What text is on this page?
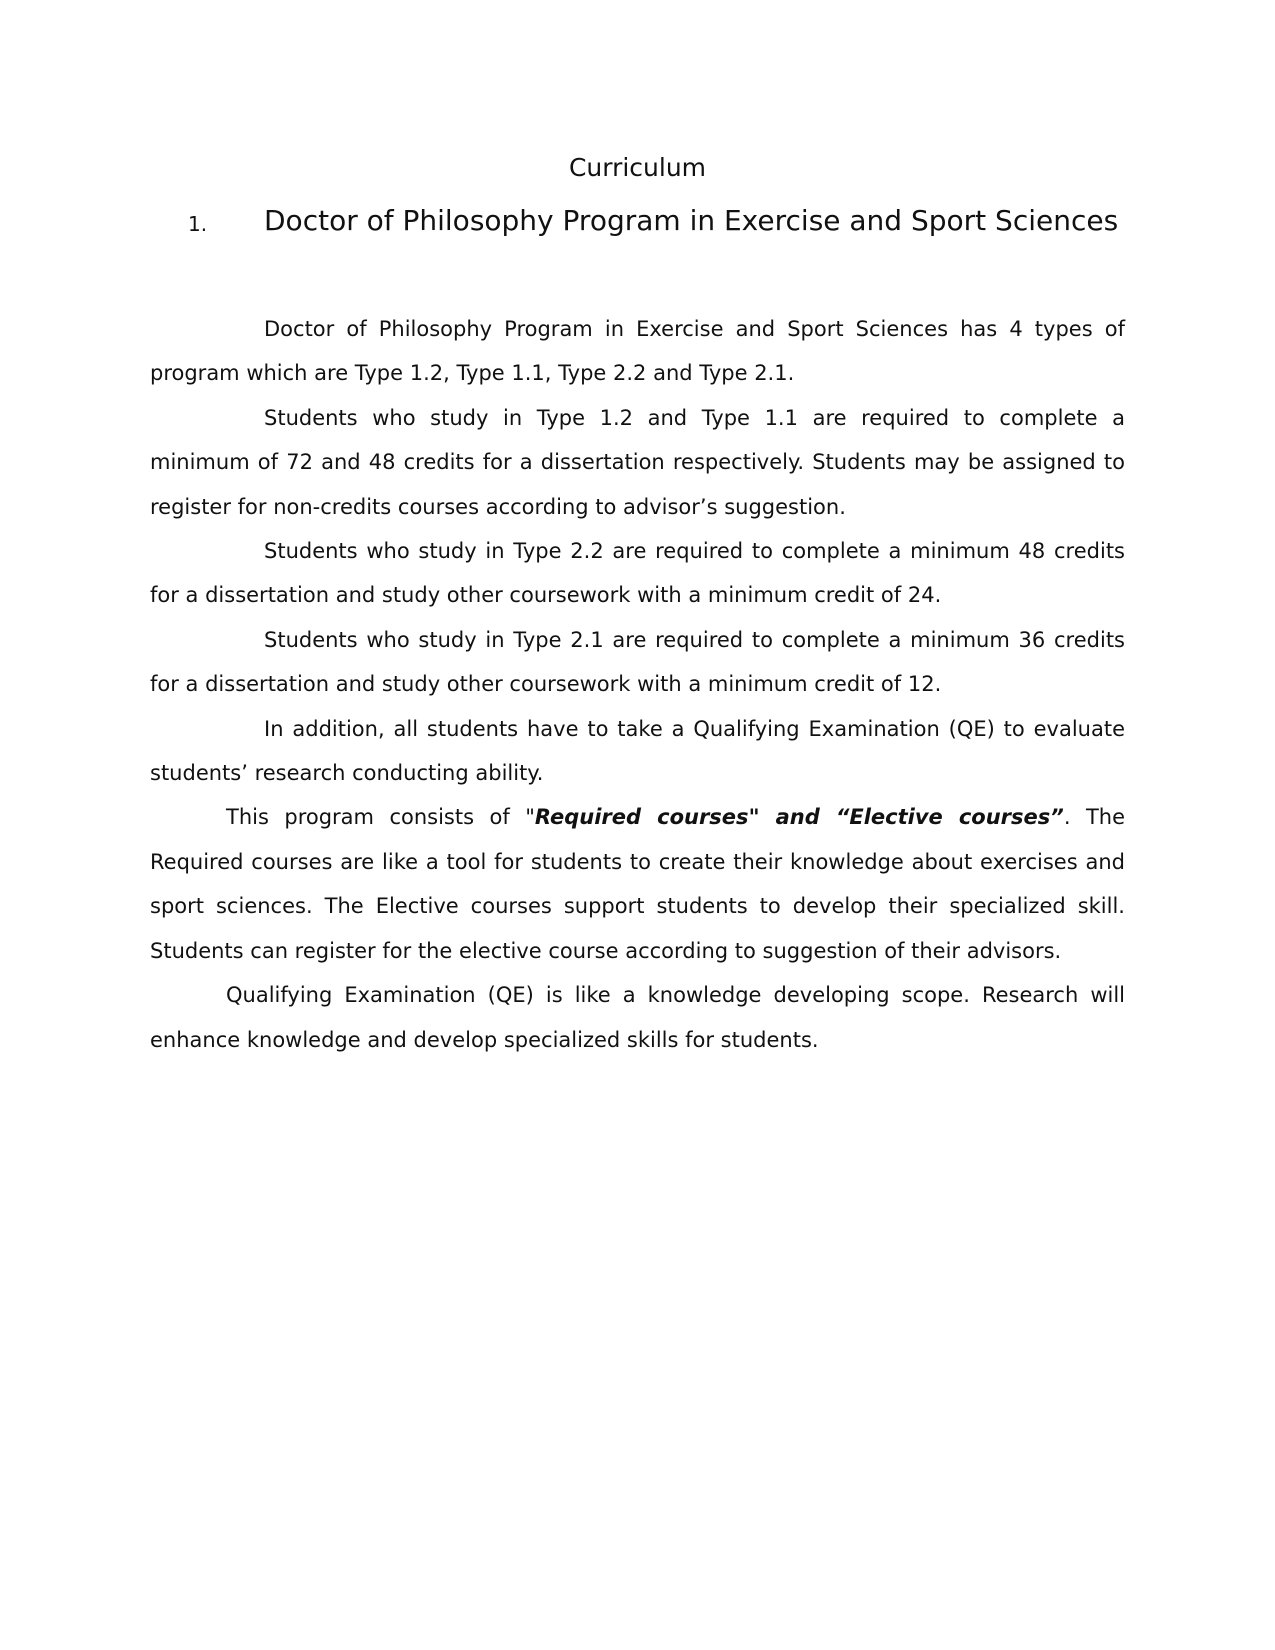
Curriculum
1. Doctor of Philosophy Program in Exercise and Sport Sciences

Doctor of Philosophy Program in Exercise and Sport Sciences has 4 types of program which are Type 1.2, Type 1.1, Type 2.2 and Type 2.1.

Students who study in Type 1.2 and Type 1.1 are required to complete a minimum of 72 and 48 credits for a dissertation respectively. Students may be assigned to register for non-credits courses according to advisor’s suggestion.

Students who study in Type 2.2 are required to complete a minimum 48 credits for a dissertation and study other coursework with a minimum credit of 24.

Students who study in Type 2.1 are required to complete a minimum 36 credits for a dissertation and study other coursework with a minimum credit of 12.

In addition, all students have to take a Qualifying Examination (QE) to evaluate students’ research conducting ability.

This program consists of "Required courses" and “Elective courses”. The Required courses are like a tool for students to create their knowledge about exercises and sport sciences. The Elective courses support students to develop their specialized skill. Students can register for the elective course according to suggestion of their advisors.

Qualifying Examination (QE) is like a knowledge developing scope. Research will enhance knowledge and develop specialized skills for students.
